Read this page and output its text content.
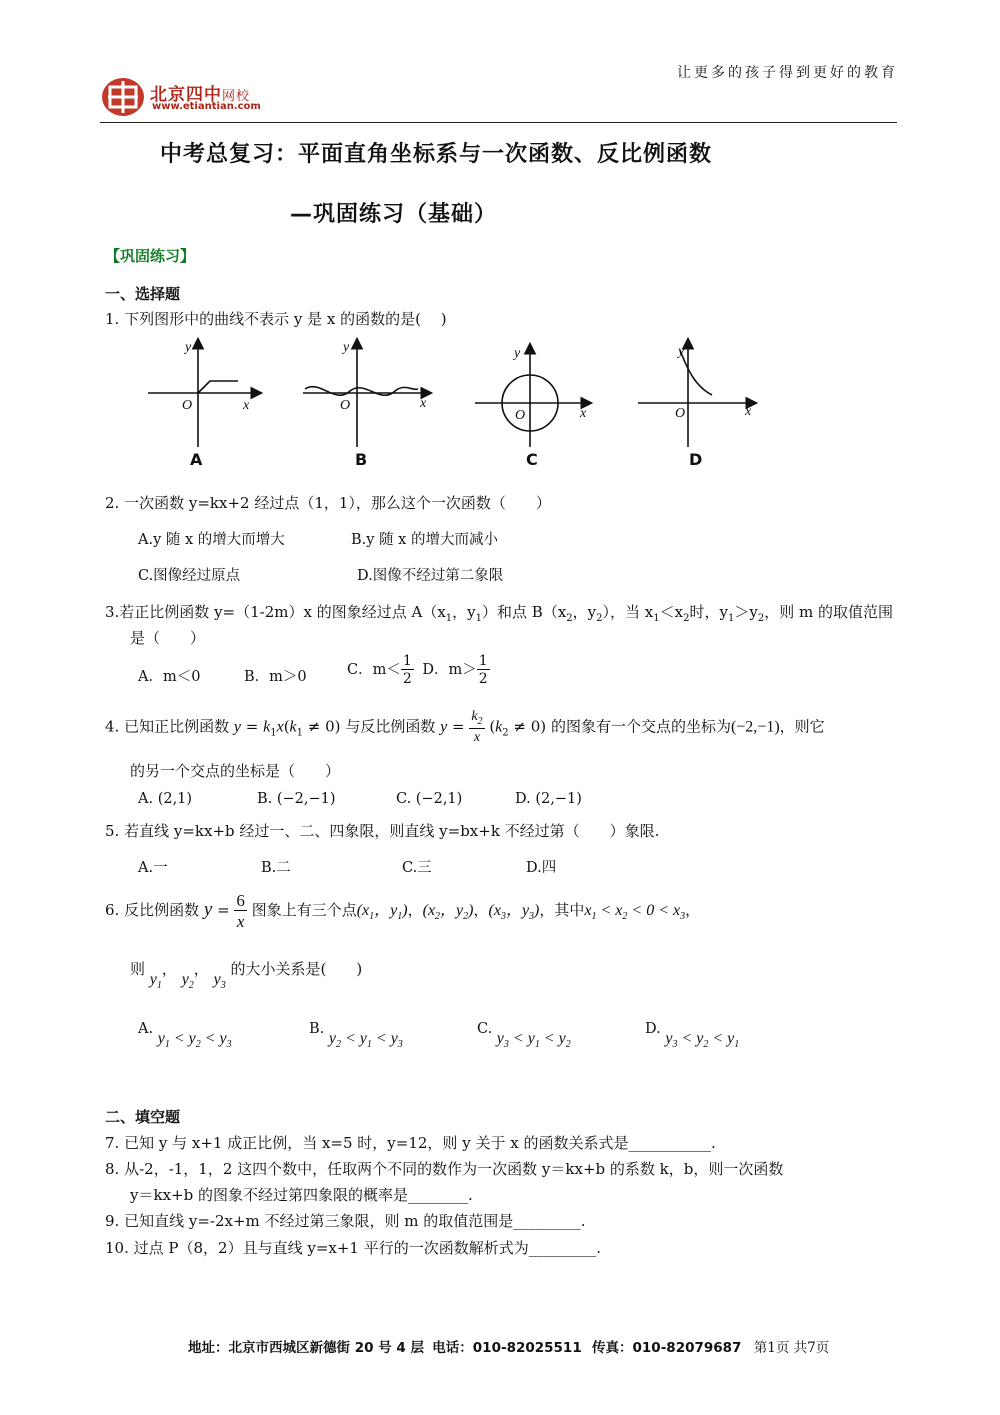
让更多的孩子得到更好的教育
北京四中网校
www.etiantian.com
中考总复习：平面直角坐标系与一次函数、反比例函数
—巩固练习（基础）
【巩固练习】
一、选择题
1. 下列图形中的曲线不表示 y 是 x 的函数的是(　 )
y
x
O
y
x
O
y
x
O
y
x
O
A	B	C	D
2. 一次函数 y=kx+2 经过点（1，1），那么这个一次函数（　　）
A.y 随 x 的增大而增大	B.y 随 x 的增大而减小
C.图像经过原点	D.图像不经过第二象限
3.若正比例函数 y=（1-2m）x 的图象经过点 $A(x_1$，$y_1$）和点 $B(x_2$，$y_2$），当 $x_1<x_2$时，$y_1>y_2$，则 m 的取值范围
是（　　）
A．m＜0	B．m＞0	C．$m< \frac{1}{2}$ D．$m> \frac{1}{2}$
4. 已知正比例函数 $y = k_1x(k_1 \ne 0)$ 与反比例函数 $y = \frac{k_2}{x} (k_2 \ne 0)$ 的图象有一个交点的坐标为(−2,−1)，则它
的另一个交点的坐标是（　　）
A. (2,1)	B. (−2,−1)	C. (−2,1)	D. (2,−1)
5. 若直线 y=kx+b 经过一、二、四象限，则直线 y=bx+k 不经过第（　　）象限.
A.一	B.二	C.三	D.四
6. 反比例函数 $y = \frac{6}{x}$ 图象上有三个点($x_1$，$y_1$)，($x_2$，$y_2$)，($x_3$，$y_3$)，其中$x_1 < x_2 < 0 < x_3$，
则 $y_1$， $y_2$， $y_3$ 的大小关系是(　　)
A. $y_1 < y_2 < y_3$
B. $y_2 < y_1 < y_3$
C. $y_3 < y_1 < y_2$
D. $y_3 < y_2 < y_1$
二、填空题
7. 已知 y 与 x+1 成正比例，当 x=5 时，y=12，则 y 关于 x 的函数关系式是___________.
8. 从-2，-1，1，2 这四个数中，任取两个不同的数作为一次函数 y＝kx+b 的系数 k，b，则一次函数
y＝kx+b 的图象不经过第四象限的概率是________.
9. 已知直线 y=-2x+m 不经过第三象限，则 m 的取值范围是_________.
10. 过点 P（8，2）且与直线 y=x+1 平行的一次函数解析式为_________.
地址：北京市西城区新德街 20 号 4 层 电话：010-82025511 传真：010-82079687 第1页 共7页
